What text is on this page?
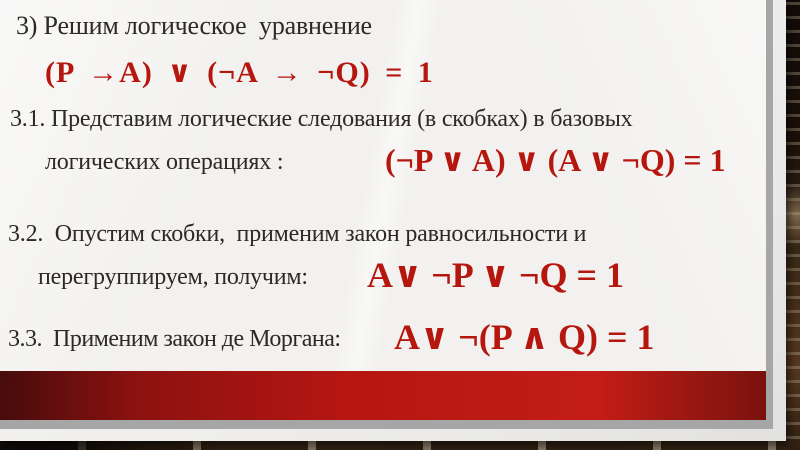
3) Решим логическое  уравнение
(P →A) ∨ (¬A → ¬Q) = 1
3.1. Представим логические следования (в скобках) в базовых
логических операциях :	(¬P ∨ A) ∨ (A ∨ ¬Q) = 1
3.2.  Опустим скобки,  применим закон равносильности и
перегруппируем, получим: A∨ ¬P ∨ ¬Q = 1
3.3.  Применим закон де Моргана: A∨ ¬(P ∧ Q) = 1
